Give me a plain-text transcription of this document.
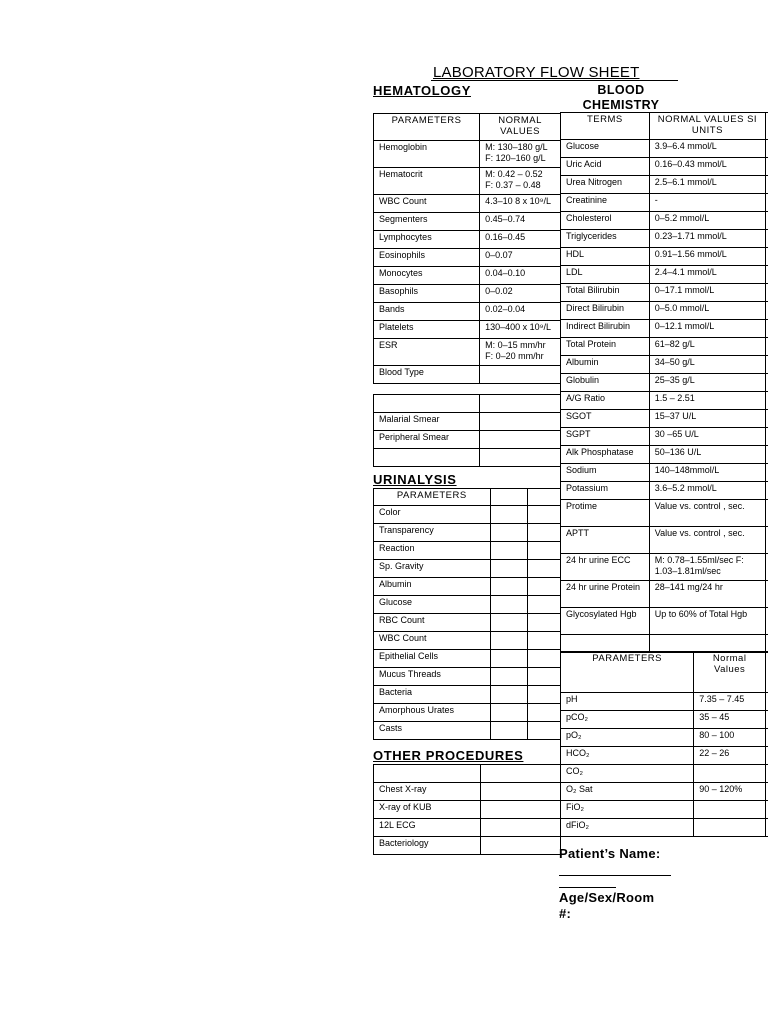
LABORATORY FLOW SHEET
HEMATOLOGY	BLOOD CHEMISTRY
PARAMETERS	NORMAL VALUES
Hemoglobin	M: 130–180 g/L
F: 120–160 g/L

Hematocrit	M: 0.42 – 0.52
F: 0.37 – 0.48

WBC Count	4.3–10 8 x 10⁹/L

Segmenters	0.45–0.74

Lymphocytes	0.16–0.45

Eosinophils	0–0.07

Monocytes	0.04–0.10

Basophils	0–0.02

Bands	0.02–0.04

Platelets	130–400 x 10⁹/L

ESR	M: 0–15 mm/hr
F: 0–20 mm/hr

Blood Type	

Malarial Smear	
Peripheral Smear	

TERMS	NORMAL VALUES SI UNITS	
Glucose	3.9–6.4 mmol/L	
Uric Acid	0.16–0.43 mmol/L	
Urea Nitrogen	2.5–6.1 mmol/L	
Creatinine	-	
Cholesterol	0–5.2 mmol/L	
Triglycerides	0.23–1.71 mmol/L	
HDL	0.91–1.56 mmol/L	
LDL	2.4–4.1 mmol/L	
Total Bilirubin	0–17.1 mmol/L	
Direct Bilirubin	0–5.0 mmol/L	
Indirect Bilirubin	0–12.1 mmol/L	
Total Protein	61–82 g/L	
Albumin	34–50 g/L	
Globulin	25–35 g/L	
A/G Ratio	1.5 – 2.51	
SGOT	15–37 U/L	
SGPT	30 –65 U/L	
Alk Phosphatase	50–136 U/L	
Sodium	140–148mmol/L	
Potassium	3.6–5.2 mmol/L	
Protime	Value vs. control , sec.	
APTT	Value vs. control , sec.	
24 hr urine ECC	M: 0.78–1.55ml/sec F: 1.03–1.81ml/sec	
24 hr urine Protein	28–141 mg/24 hr	
Glycosylated Hgb	Up to 60% of Total Hgb	

URINALYSIS
PARAMETERS		
Color		
Transparency		
Reaction		
Sp. Gravity		
Albumin		
Glucose		
RBC Count		
WBC Count		
Epithelial Cells		
Mucus Threads		
Bacteria		
Amorphous Urates		
Casts		
PARAMETERS	Normal Values	
pH	7.35 – 7.45	
pCO₂	35 – 45	
pO₂	80 – 100	
HCO₂	22 – 26	
CO₂		
O₂ Sat	90 – 120%	
FiO₂		
dFiO₂		
OTHER PROCEDURES

Chest X-ray	
X-ray of KUB	
12L ECG	
Bacteriology	
Patient’s Name:
Age/Sex/Room #:
